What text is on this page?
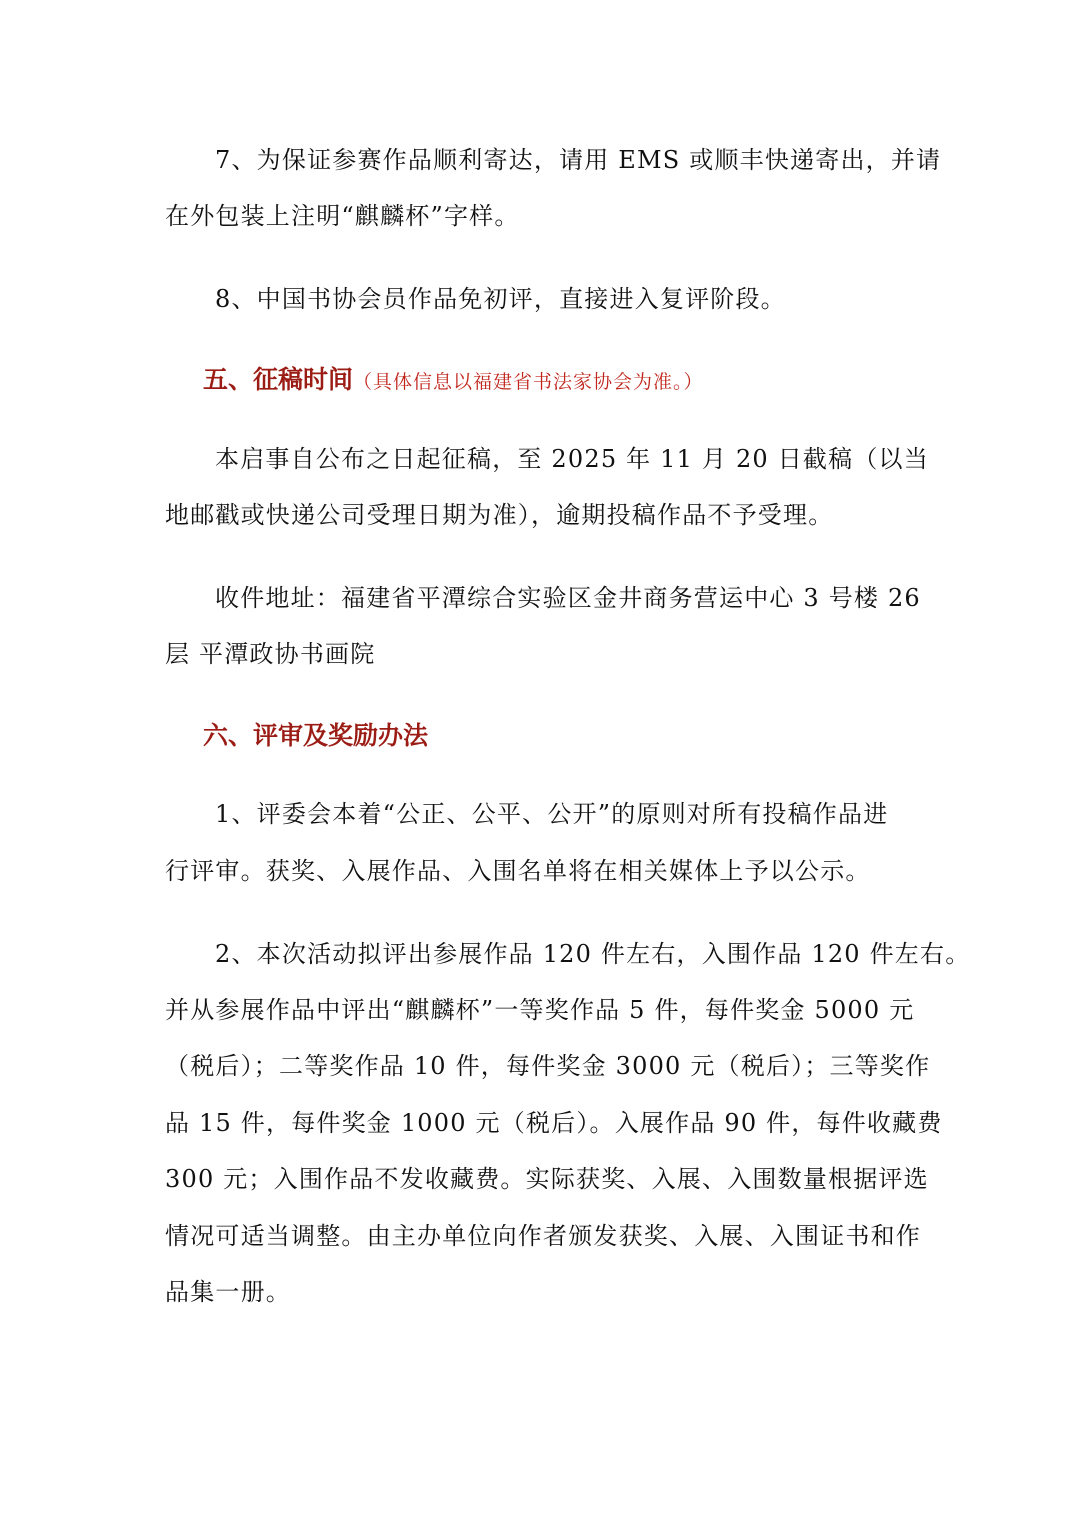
7、为保证参赛作品顺利寄达，请用 EMS 或顺丰快递寄出，并请
在外包装上注明“麒麟杯”字样。
8、中国书协会员作品免初评，直接进入复评阶段。
五、征稿时间（具体信息以福建省书法家协会为准。）
本启事自公布之日起征稿，至 2025 年 11 月 20 日截稿（以当
地邮戳或快递公司受理日期为准），逾期投稿作品不予受理。
收件地址：福建省平潭综合实验区金井商务营运中心 3 号楼 26
层 平潭政协书画院
六、评审及奖励办法
1、评委会本着“公正、公平、公开”的原则对所有投稿作品进
行评审。获奖、入展作品、入围名单将在相关媒体上予以公示。
2、本次活动拟评出参展作品 120 件左右，入围作品 120 件左右。
并从参展作品中评出“麒麟杯”一等奖作品 5 件，每件奖金 5000 元
（税后）；二等奖作品 10 件，每件奖金 3000 元（税后）；三等奖作
品 15 件，每件奖金 1000 元（税后）。入展作品 90 件，每件收藏费
300 元；入围作品不发收藏费。实际获奖、入展、入围数量根据评选
情况可适当调整。由主办单位向作者颁发获奖、入展、入围证书和作
品集一册。
